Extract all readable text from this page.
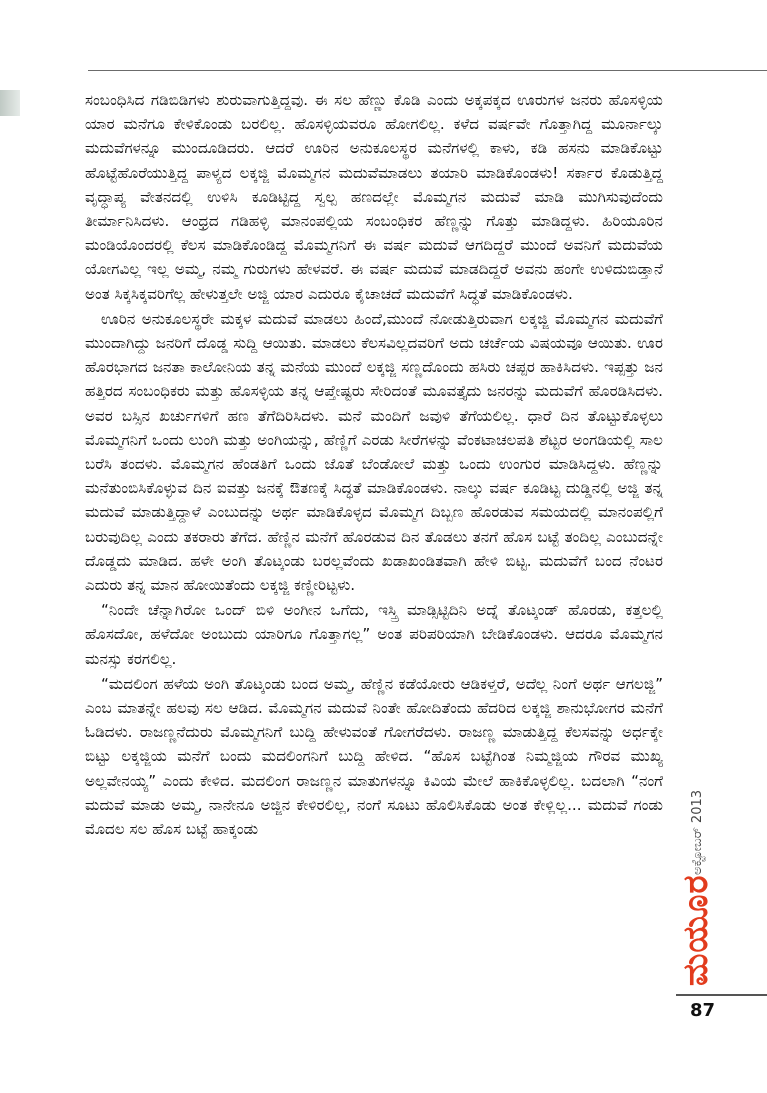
ಸಂಬಂಧಿಸಿದ ಗಡಿಬಿಡಿಗಳು ಶುರುವಾಗುತ್ತಿದ್ದವು. ಈ ಸಲ ಹೆಣ್ಣು ಕೊಡಿ ಎಂದು ಅಕ್ಕಪಕ್ಕದ ಊರುಗಳ ಜನರು ಹೊಸಳ್ಳಿಯ ಯಾರ ಮನೆಗೂ ಕೇಳಿಕೊಂಡು ಬರಲಿಲ್ಲ. ಹೊಸಳ್ಳಿಯವರೂ ಹೋಗಲಿಲ್ಲ. ಕಳೆದ ವರ್ಷವೇ ಗೊತ್ತಾಗಿದ್ದ ಮೂರ್ನಾಲ್ಕು ಮದುವೆಗಳನ್ನೂ ಮುಂದೂಡಿದರು. ಆದರೆ ಊರಿನ ಅನುಕೂಲಸ್ಥರ ಮನೆಗಳಲ್ಲಿ ಕಾಳು, ಕಡಿ ಹಸನು ಮಾಡಿಕೊಟ್ಟು ಹೊಟ್ಟೆಹೊರೆಯುತ್ತಿದ್ದ ಪಾಳ್ಯದ ಲಕ್ಕಜ್ಜಿ ಮೊಮ್ಮಗನ ಮದುವೆಮಾಡಲು ತಯಾರಿ ಮಾಡಿಕೊಂಡಳು! ಸರ್ಕಾರ ಕೊಡುತ್ತಿದ್ದ ವೃದ್ಧಾಪ್ಯ ವೇತನದಲ್ಲಿ ಉಳಿಸಿ ಕೂಡಿಟ್ಟಿದ್ದ ಸ್ವಲ್ಪ ಹಣದಲ್ಲೇ ಮೊಮ್ಮಗನ ಮದುವೆ ಮಾಡಿ ಮುಗಿಸುವುದೆಂದು ತೀರ್ಮಾನಿಸಿದಳು. ಆಂಧ್ರದ ಗಡಿಹಳ್ಳಿ ಮಾನಂಪಲ್ಲಿಯ ಸಂಬಂಧಿಕರ ಹೆಣ್ಣನ್ನು ಗೊತ್ತು ಮಾಡಿದ್ದಳು. ಹಿರಿಯೂರಿನ ಮಂಡಿಯೊಂದರಲ್ಲಿ ಕೆಲಸ ಮಾಡಿಕೊಂಡಿದ್ದ ಮೊಮ್ಮಗನಿಗೆ ಈ ವರ್ಷ ಮದುವೆ ಆಗದಿದ್ದರೆ ಮುಂದೆ ಅವನಿಗೆ ಮದುವೆಯ ಯೋಗವಿಲ್ಲ ಇಲ್ಲ ಅಮ್ಮ, ನಮ್ಮ ಗುರುಗಳು ಹೇಳವರೆ. ಈ ವರ್ಷ ಮದುವೆ ಮಾಡದಿದ್ದರೆ ಅವನು ಹಂಗೇ ಉಳಿದುಬಿಡ್ತಾನೆ ಅಂತ ಸಿಕ್ಕಸಿಕ್ಕವರಿಗೆಲ್ಲ ಹೇಳುತ್ತಲೇ ಅಜ್ಜಿ ಯಾರ ಎದುರೂ ಕೈಚಾಚದೆ ಮದುವೆಗೆ ಸಿದ್ಧತೆ ಮಾಡಿಕೊಂಡಳು.

ಊರಿನ ಅನುಕೂಲಸ್ಥರೇ ಮಕ್ಕಳ ಮದುವೆ ಮಾಡಲು ಹಿಂದೆ,ಮುಂದೆ ನೋಡುತ್ತಿರುವಾಗ ಲಕ್ಕಜ್ಜಿ ಮೊಮ್ಮಗನ ಮದುವೆಗೆ ಮುಂದಾಗಿದ್ದು ಜನರಿಗೆ ದೊಡ್ಡ ಸುದ್ದಿ ಆಯಿತು. ಮಾಡಲು ಕೆಲಸವಿಲ್ಲದವರಿಗೆ ಅದು ಚರ್ಚೆಯ ವಿಷಯವೂ ಆಯಿತು. ಊರ ಹೊರಭಾಗದ ಜನತಾ ಕಾಲೋನಿಯ ತನ್ನ ಮನೆಯ ಮುಂದೆ ಲಕ್ಕಜ್ಜಿ ಸಣ್ಣದೊಂದು ಹಸಿರು ಚಪ್ಪರ ಹಾಕಿಸಿದಳು. ಇಪ್ಪತ್ತು ಜನ ಹತ್ತಿರದ ಸಂಬಂಧಿಕರು ಮತ್ತು ಹೊಸಳ್ಳಿಯ ತನ್ನ ಆಪ್ತೇಷ್ಟರು ಸೇರಿದಂತೆ ಮೂವತ್ತೈದು ಜನರನ್ನು ಮದುವೆಗೆ ಹೊರಡಿಸಿದಳು. ಅವರ ಬಸ್ಸಿನ ಖರ್ಚುಗಳಿಗೆ ಹಣ ತೆಗೆದಿರಿಸಿದಳು. ಮನೆ ಮಂದಿಗೆ ಜವುಳಿ ತೆಗೆಯಲಿಲ್ಲ. ಧಾರೆ ದಿನ ತೊಟ್ಟುಕೊಳ್ಳಲು ಮೊಮ್ಮಗನಿಗೆ ಒಂದು ಲುಂಗಿ ಮತ್ತು ಅಂಗಿಯನ್ನು, ಹೆಣ್ಣಿಗೆ ಎರಡು ಸೀರೆಗಳನ್ನು ವೆಂಕಟಾಚಲಪತಿ ಶೆಟ್ಟರ ಅಂಗಡಿಯಲ್ಲಿ ಸಾಲ ಬರೆಸಿ ತಂದಳು. ಮೊಮ್ಮಗನ ಹೆಂಡತಿಗೆ ಒಂದು ಜೊತೆ ಬೆಂಡೋಲೆ ಮತ್ತು ಒಂದು ಉಂಗುರ ಮಾಡಿಸಿದ್ದಳು. ಹೆಣ್ಣನ್ನು ಮನೆತುಂಬಿಸಿಕೊಳ್ಳುವ ದಿನ ಐವತ್ತು ಜನಕ್ಕೆ ಔತಣಕ್ಕೆ ಸಿದ್ಧತೆ ಮಾಡಿಕೊಂಡಳು. ನಾಲ್ಕು ವರ್ಷ ಕೂಡಿಟ್ಟ ದುಡ್ಡಿನಲ್ಲಿ ಅಜ್ಜಿ ತನ್ನ ಮದುವೆ ಮಾಡುತ್ತಿದ್ದಾಳೆ ಎಂಬುದನ್ನು ಅರ್ಥ ಮಾಡಿಕೊಳ್ಳದ ಮೊಮ್ಮಗ ದಿಬ್ಬಣ ಹೊರಡುವ ಸಮಯದಲ್ಲಿ ಮಾನಂಪಲ್ಲಿಗೆ ಬರುವುದಿಲ್ಲ ಎಂದು ತಕರಾರು ತೆಗೆದ. ಹೆಣ್ಣಿನ ಮನೆಗೆ ಹೊರಡುವ ದಿನ ತೊಡಲು ತನಗೆ ಹೊಸ ಬಟ್ಟೆ ತಂದಿಲ್ಲ ಎಂಬುದನ್ನೇ ದೊಡ್ಡದು ಮಾಡಿದ. ಹಳೇ ಅಂಗಿ ತೊಟ್ಕಂಡು ಬರಲ್ಲವೆಂದು ಖಡಾಖಂಡಿತವಾಗಿ ಹೇಳಿ ಬಿಟ್ಟ. ಮದುವೆಗೆ ಬಂದ ನೆಂಟರ ಎದುರು ತನ್ನ ಮಾನ ಹೋಯಿತೆಂದು ಲಕ್ಕಜ್ಜಿ ಕಣ್ಣೀರಿಟ್ಟಳು.

“ನಿಂದೇ ಚೆನ್ನಾಗಿರೋ ಒಂದ್ ಬಿಳಿ ಅಂಗೀನ ಒಗೆದು, ಇಸ್ತ್ರಿ ಮಾಡ್ಸಿಟ್ಟಿದಿನಿ ಅದ್ನೆ ತೊಟ್ಕಂಡ್ ಹೊರಡು, ಕತ್ತಲಲ್ಲಿ ಹೊಸದೋ, ಹಳೆದೋ ಅಂಬುದು ಯಾರಿಗೂ ಗೊತ್ತಾಗಲ್ಲ” ಅಂತ ಪರಿಪರಿಯಾಗಿ ಬೇಡಿಕೊಂಡಳು. ಆದರೂ ಮೊಮ್ಮಗನ ಮನಸ್ಸು ಕರಗಲಿಲ್ಲ.

“ಮದಲಿಂಗ ಹಳೆಯ ಅಂಗಿ ತೊಟ್ಕಂಡು ಬಂದ ಅಮ್ಮ, ಹೆಣ್ಣಿನ ಕಡೆಯೋರು ಆಡಿಕಳ್ತರೆ, ಅದೆಲ್ಲ ನಿಂಗೆ ಅರ್ಥ ಆಗಲಜ್ಜಿ” ಎಂಬ ಮಾತನ್ನೇ ಹಲವು ಸಲ ಆಡಿದ. ಮೊಮ್ಮಗನ ಮದುವೆ ನಿಂತೇ ಹೋದಿತೆಂದು ಹೆದರಿದ ಲಕ್ಕಜ್ಜಿ ಶಾನುಭೋಗರ ಮನೆಗೆ ಓಡಿದಳು. ರಾಜಣ್ಣನೆದುರು ಮೊಮ್ಮಗನಿಗೆ ಬುದ್ದಿ ಹೇಳುವಂತೆ ಗೋಗರೆದಳು. ರಾಜಣ್ಣ ಮಾಡುತ್ತಿದ್ದ ಕೆಲಸವನ್ನು ಅರ್ಧಕ್ಕೇ ಬಿಟ್ಟು ಲಕ್ಕಜ್ಜಿಯ ಮನೆಗೆ ಬಂದು ಮದಲಿಂಗನಿಗೆ ಬುದ್ದಿ ಹೇಳಿದ. “ಹೊಸ ಬಟ್ಟೆಗಿಂತ ನಿಮ್ಮಜ್ಜಿಯ ಗೌರವ ಮುಖ್ಯ ಅಲ್ಲವೇನಯ್ಯ” ಎಂದು ಕೇಳಿದ. ಮದಲಿಂಗ ರಾಜಣ್ಣನ ಮಾತುಗಳನ್ನೂ ಕಿವಿಯ ಮೇಲೆ ಹಾಕಿಕೊಳ್ಳಲಿಲ್ಲ. ಬದಲಾಗಿ “ನಂಗೆ ಮದುವೆ ಮಾಡು ಅಮ್ಮ, ನಾನೇನೂ ಅಜ್ಜಿನ ಕೇಳಿರಲಿಲ್ಲ, ನಂಗೆ ಸೂಟು ಹೊಲಿಸಿಕೊಡು ಅಂತ ಕೇಳ್ಲಿಲ್ಲ... ಮದುವೆ ಗಂಡು ಮೊದಲ ಸಲ ಹೊಸ ಬಟ್ಟೆ ಹಾಕ್ಕಂಡು	ಅಕ್ಟೋಬರ್ 2013
ಮಯೂರ
87
